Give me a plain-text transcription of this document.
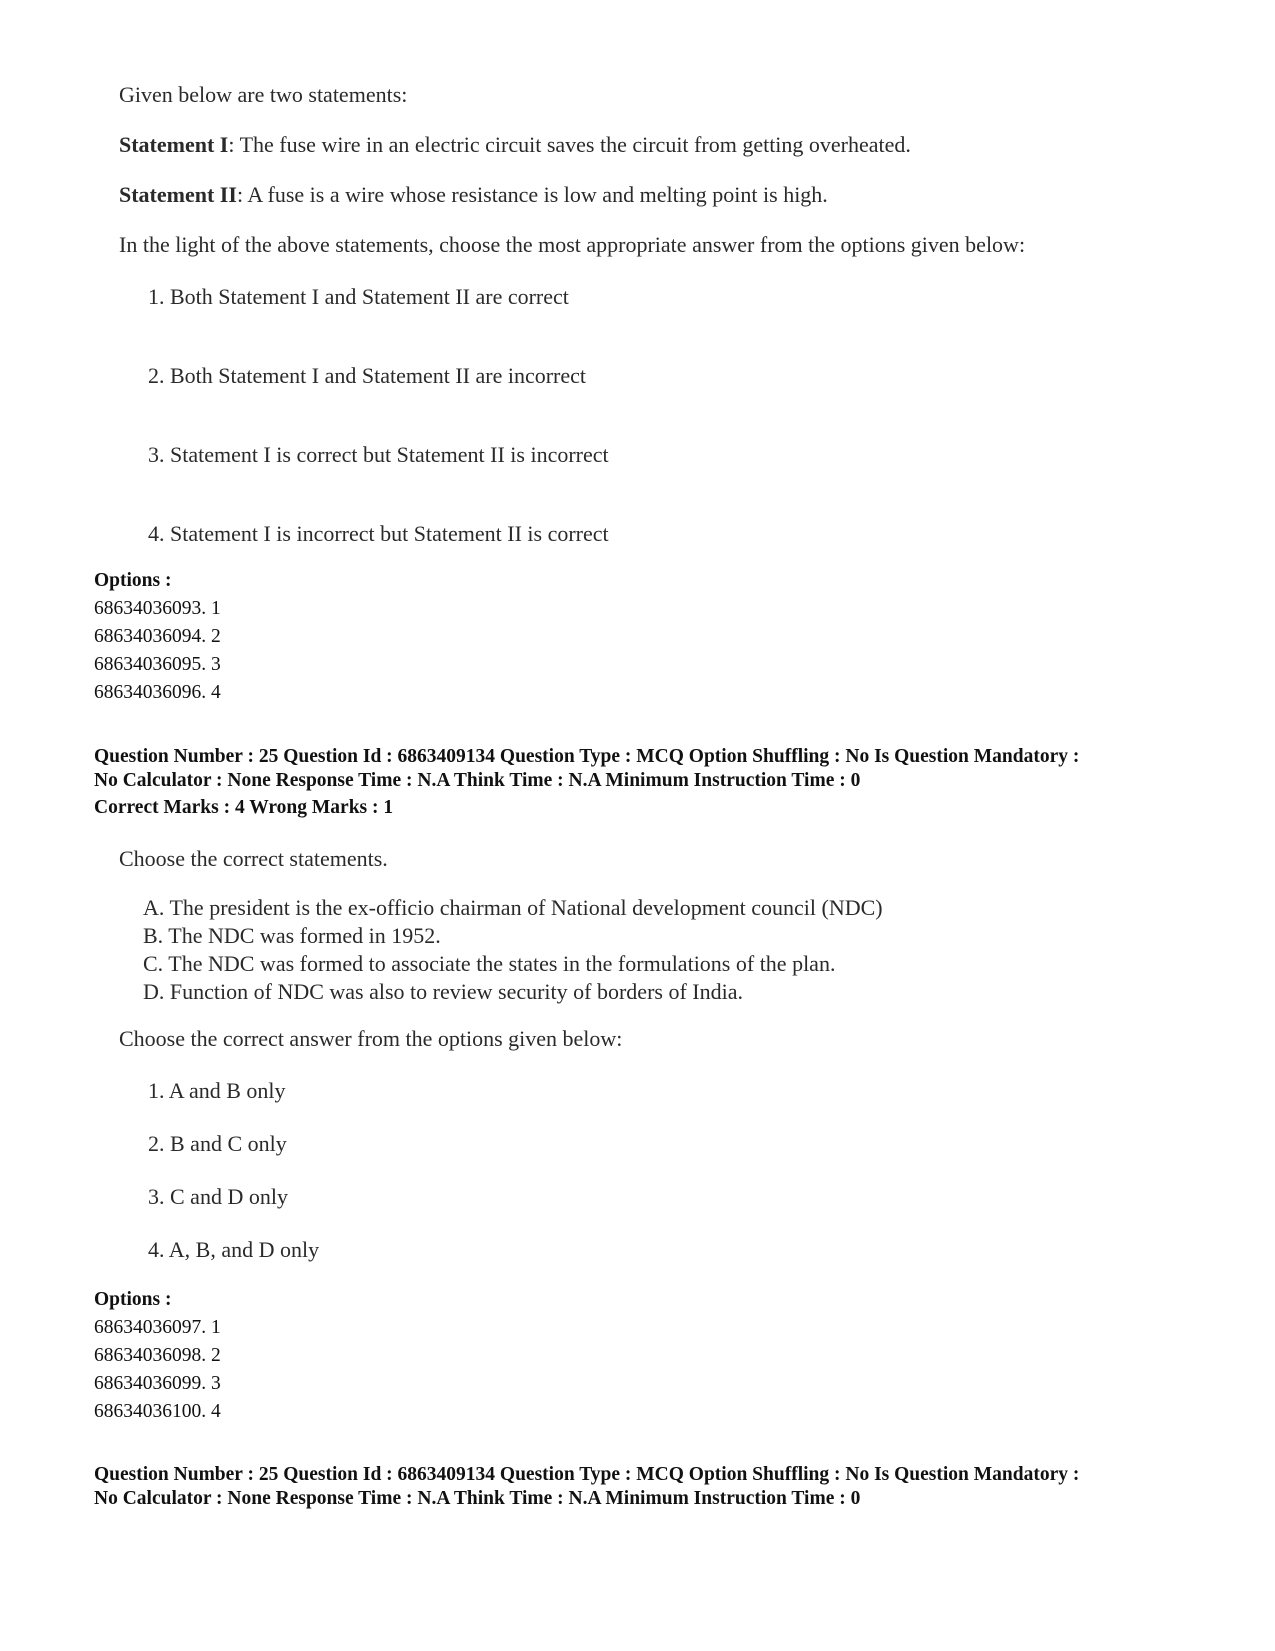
Given below are two statements:
Statement I: The fuse wire in an electric circuit saves the circuit from getting overheated.
Statement II: A fuse is a wire whose resistance is low and melting point is high.
In the light of the above statements, choose the most appropriate answer from the options given below:
1. Both Statement I and Statement II are correct
2. Both Statement I and Statement II are incorrect
3. Statement I is correct but Statement II is incorrect
4. Statement I is incorrect but Statement II is correct
Options :
68634036093. 1
68634036094. 2
68634036095. 3
68634036096. 4
Question Number : 25 Question Id : 6863409134 Question Type : MCQ Option Shuffling : No Is Question Mandatory :
No Calculator : None Response Time : N.A Think Time : N.A Minimum Instruction Time : 0
Correct Marks : 4 Wrong Marks : 1
Choose the correct statements.
A. The president is the ex-officio chairman of National development council (NDC)
B. The NDC was formed in 1952.
C. The NDC was formed to associate the states in the formulations of the plan.
D. Function of NDC was also to review security of borders of India.
Choose the correct answer from the options given below:
1. A and B only
2. B and C only
3. C and D only
4. A, B, and D only
Options :
68634036097. 1
68634036098. 2
68634036099. 3
68634036100. 4
Question Number : 25 Question Id : 6863409134 Question Type : MCQ Option Shuffling : No Is Question Mandatory :
No Calculator : None Response Time : N.A Think Time : N.A Minimum Instruction Time : 0
